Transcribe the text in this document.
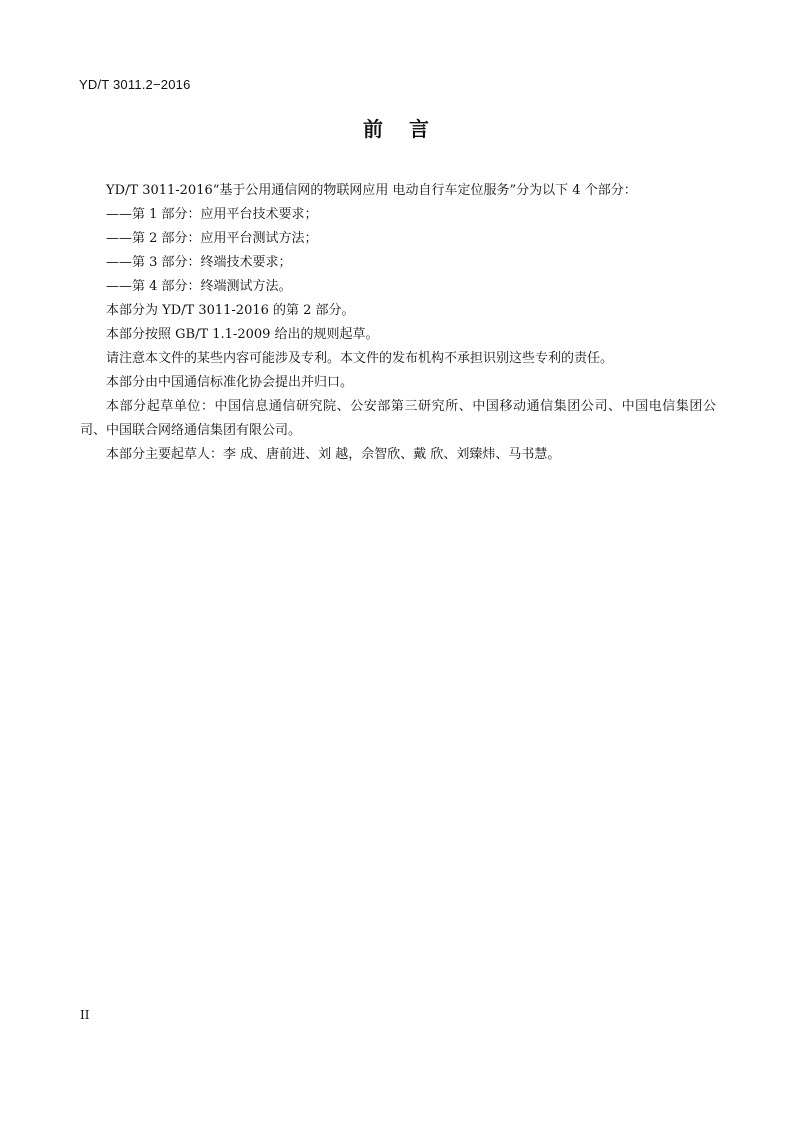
YD/T 3011.2−2016
前言

YD/T 3011-2016“基于公用通信网的物联网应用 电动自行车定位服务”分为以下 4 个部分：

——第 1 部分：应用平台技术要求；

——第 2 部分：应用平台测试方法；

——第 3 部分：终端技术要求；

——第 4 部分：终端测试方法。

本部分为 YD/T 3011-2016 的第 2 部分。

本部分按照 GB/T 1.1-2009 给出的规则起草。

请注意本文件的某些内容可能涉及专利。本文件的发布机构不承担识别这些专利的责任。

本部分由中国通信标准化协会提出并归口。

本部分起草单位：中国信息通信研究院、公安部第三研究所、中国移动通信集团公司、中国电信集团公司、中国联合网络通信集团有限公司。

本部分主要起草人：李 成、唐前进、刘 越，佘智欣、戴 欣、刘臻炜、马书慧。

II
